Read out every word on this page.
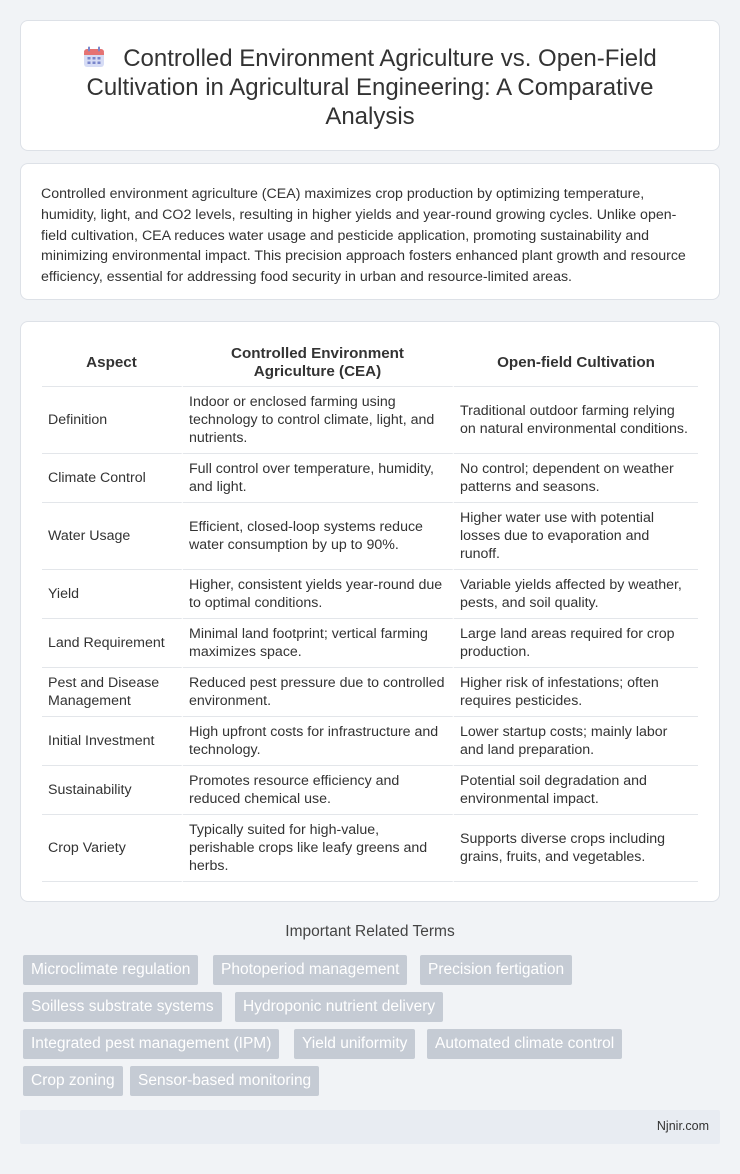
Controlled Environment Agriculture vs. Open-Field Cultivation in Agricultural Engineering: A Comparative Analysis

Controlled environment agriculture (CEA) maximizes crop production by optimizing temperature, humidity, light, and CO2 levels, resulting in higher yields and year-round growing cycles. Unlike open-field cultivation, CEA reduces water usage and pesticide application, promoting sustainability and minimizing environmental impact. This precision approach fosters enhanced plant growth and resource efficiency, essential for addressing food security in urban and resource-limited areas.

Aspect	Controlled Environment Agriculture (CEA)	Open-field Cultivation
Definition	Indoor or enclosed farming using technology to control climate, light, and nutrients.	Traditional outdoor farming relying on natural environmental conditions.
Climate Control	Full control over temperature, humidity, and light.	No control; dependent on weather patterns and seasons.
Water Usage	Efficient, closed-loop systems reduce water consumption by up to 90%.	Higher water use with potential losses due to evaporation and runoff.
Yield	Higher, consistent yields year-round due to optimal conditions.	Variable yields affected by weather, pests, and soil quality.
Land Requirement	Minimal land footprint; vertical farming maximizes space.	Large land areas required for crop production.
Pest and Disease Management	Reduced pest pressure due to controlled environment.	Higher risk of infestations; often requires pesticides.
Initial Investment	High upfront costs for infrastructure and technology.	Lower startup costs; mainly labor and land preparation.
Sustainability	Promotes resource efficiency and reduced chemical use.	Potential soil degradation and environmental impact.
Crop Variety	Typically suited for high-value, perishable crops like leafy greens and herbs.	Supports diverse crops including grains, fruits, and vegetables.
Important Related Terms
Microclimate regulation	Photoperiod management	Precision fertigation
Soilless substrate systems	Hydroponic nutrient delivery
Integrated pest management (IPM)	Yield uniformity	Automated climate control
Crop zoning	Sensor-based monitoring
Njnir.com
